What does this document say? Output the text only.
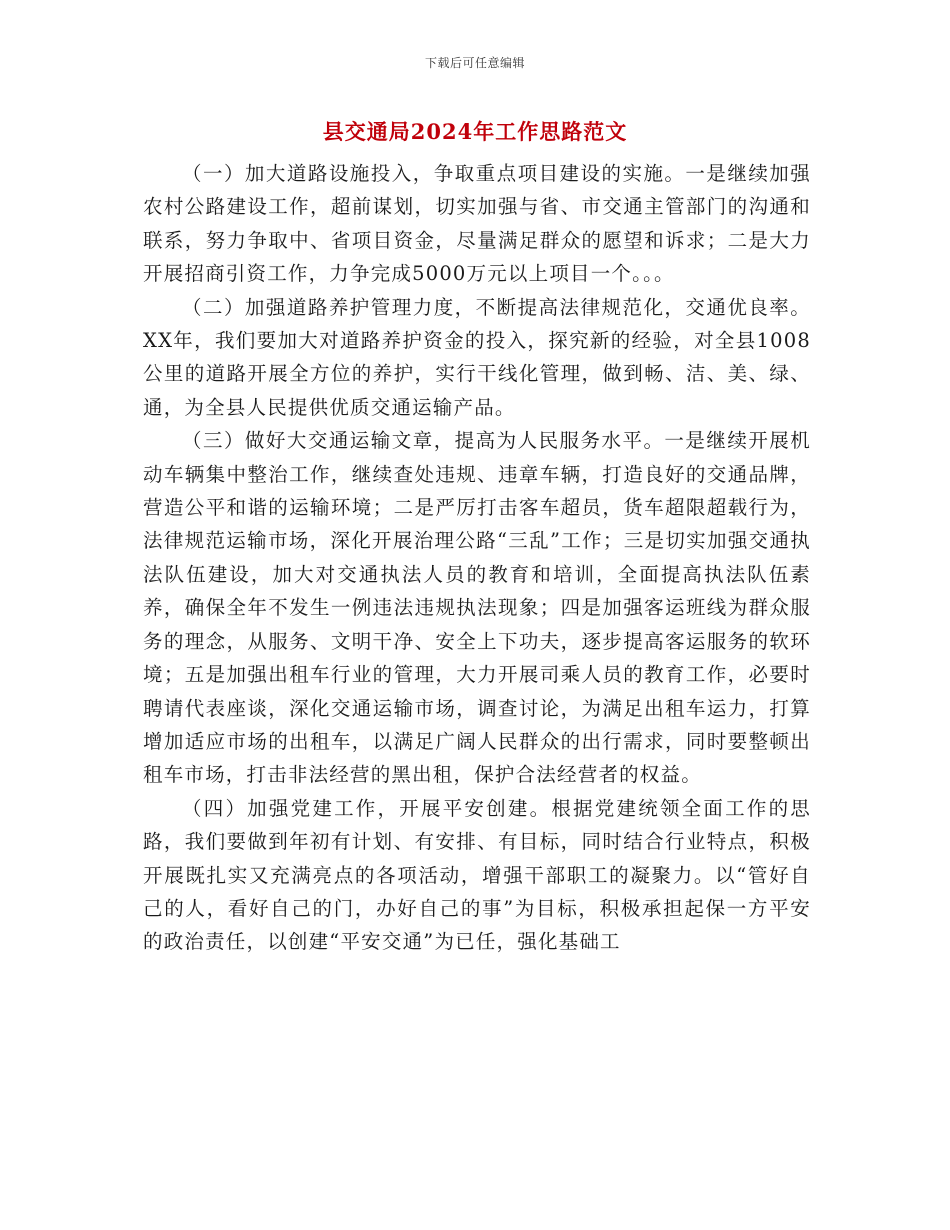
下载后可任意编辑
县交通局2024年工作思路范文

（一）加大道路设施投入，争取重点项目建设的实施。一是继续加强农村公路建设工作，超前谋划，切实加强与省、市交通主管部门的沟通和联系，努力争取中、省项目资金，尽量满足群众的愿望和诉求；二是大力开展招商引资工作，力争完成5000万元以上项目一个。。。

（二）加强道路养护管理力度，不断提高法律规范化，交通优良率。XX年，我们要加大对道路养护资金的投入，探究新的经验，对全县1008公里的道路开展全方位的养护，实行干线化管理，做到畅、洁、美、绿、通，为全县人民提供优质交通运输产品。

（三）做好大交通运输文章，提高为人民服务水平。一是继续开展机动车辆集中整治工作，继续查处违规、违章车辆，打造良好的交通品牌，营造公平和谐的运输环境；二是严厉打击客车超员，货车超限超载行为，法律规范运输市场，深化开展治理公路“三乱”工作；三是切实加强交通执法队伍建设，加大对交通执法人员的教育和培训，全面提高执法队伍素养，确保全年不发生一例违法违规执法现象；四是加强客运班线为群众服务的理念，从服务、文明干净、安全上下功夫，逐步提高客运服务的软环境；五是加强出租车行业的管理，大力开展司乘人员的教育工作，必要时聘请代表座谈，深化交通运输市场，调查讨论，为满足出租车运力，打算增加适应市场的出租车，以满足广阔人民群众的出行需求，同时要整顿出租车市场，打击非法经营的黑出租，保护合法经营者的权益。

（四）加强党建工作，开展平安创建。根据党建统领全面工作的思路，我们要做到年初有计划、有安排、有目标，同时结合行业特点，积极开展既扎实又充满亮点的各项活动，增强干部职工的凝聚力。以“管好自己的人，看好自己的门，办好自己的事”为目标，积极承担起保一方平安的政治责任，以创建“平安交通”为已任，强化基础工
